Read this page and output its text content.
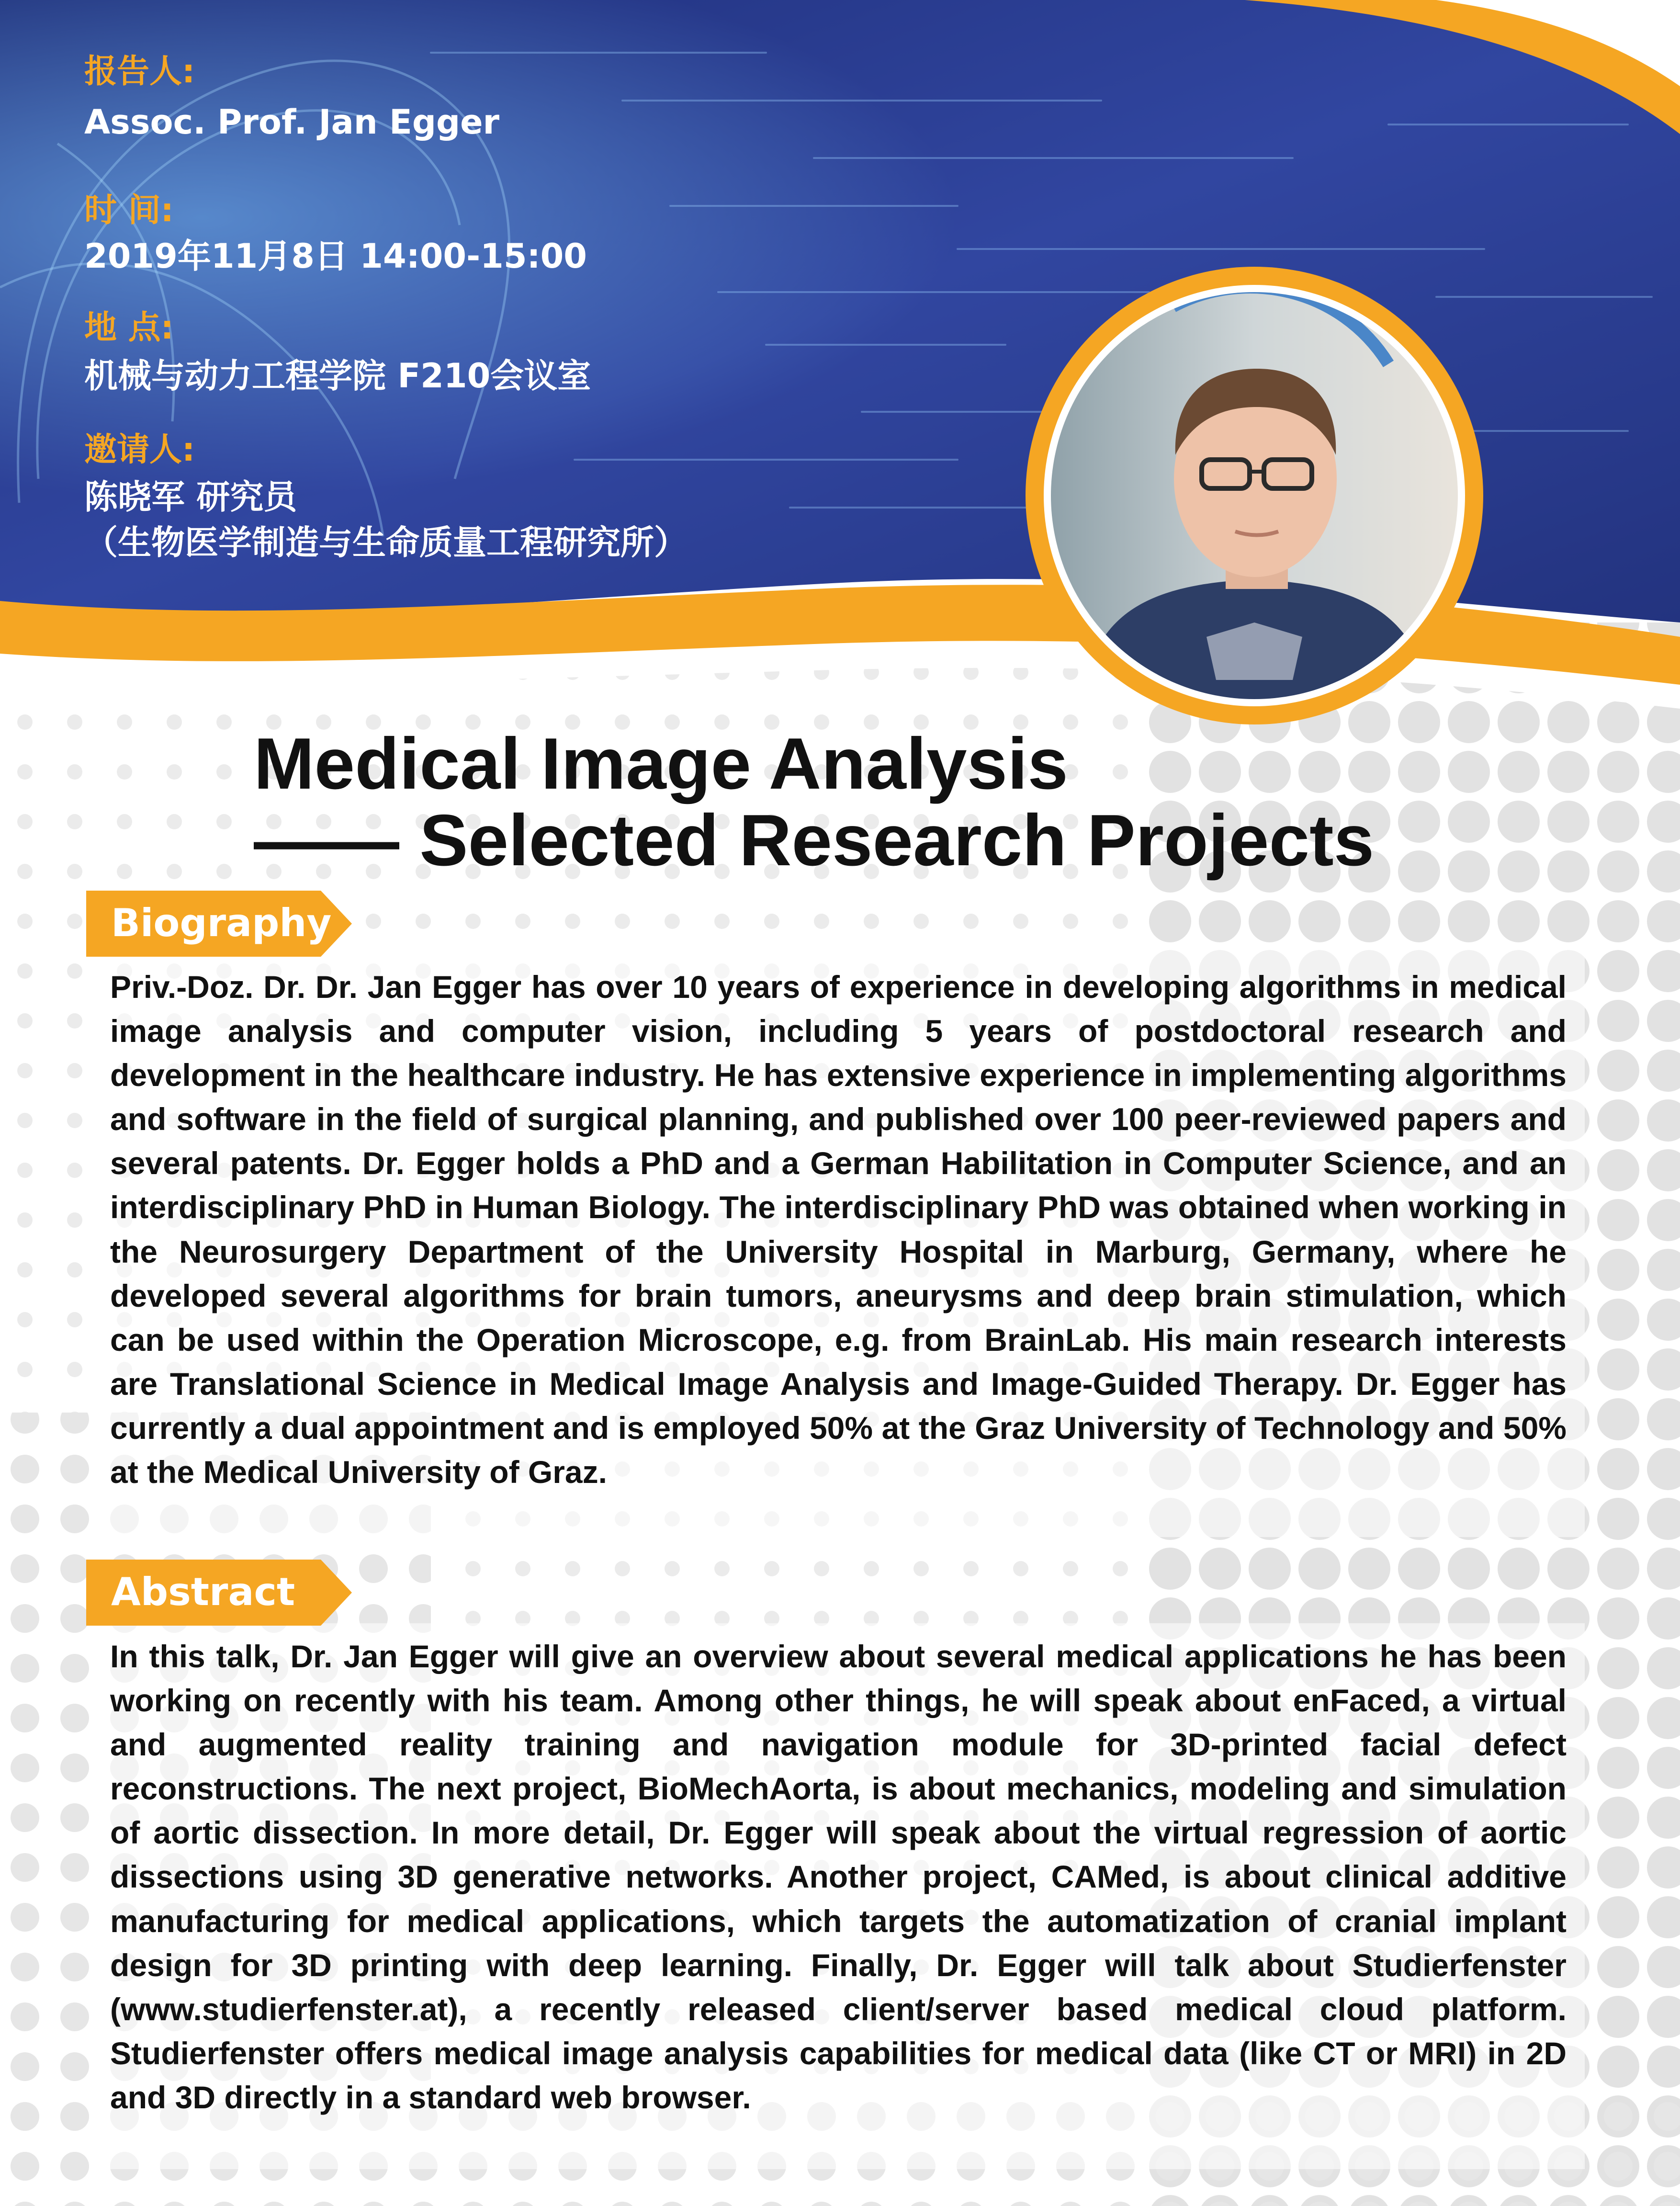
报告人:
Assoc. Prof. Jan Egger
时 间:
2019年11月8日 14:00-15:00
地 点:
机械与动力工程学院 F210会议室
邀请人:
陈晓军 研究员
（生物医学制造与生命质量工程研究所）
Medical Image Analysis
—— Selected Research Projects
Biography

Priv.-Doz. Dr. Dr. Jan Egger has over 10 years of experience in developing algorithms in medical image analysis and computer vision, including 5 years of postdoctoral research and development in the healthcare industry. He has extensive experience in implementing algorithms and software in the field of surgical planning, and published over 100 peer-reviewed papers and several patents. Dr. Egger holds a PhD and a German Habilitation in Computer Science, and an interdisciplinary PhD in Human Biology. The interdisciplinary PhD was obtained when working in the Neurosurgery Department of the University Hospital in Marburg, Germany, where he developed several algorithms for brain tumors, aneurysms and deep brain stimulation, which can be used within the Operation Microscope, e.g. from BrainLab. His main research interests are Translational Science in Medical Image Analysis and Image-Guided Therapy. Dr. Egger has currently a dual appointment and is employed 50% at the Graz University of Technology and 50% at the Medical University of Graz.

Abstract

In this talk, Dr. Jan Egger will give an overview about several medical applications he has been working on recently with his team. Among other things, he will speak about enFaced, a virtual and augmented reality training and navigation module for 3D-printed facial defect reconstructions. The next project, BioMechAorta, is about mechanics, modeling and simulation of aortic dissection. In more detail, Dr. Egger will speak about the virtual regression of aortic dissections using 3D generative networks. Another project, CAMed, is about clinical additive manufacturing for medical applications, which targets the automatization of cranial implant design for 3D printing with deep learning. Finally, Dr. Egger will talk about Studierfenster (www.studierfenster.at), a recently released client/server based medical cloud platform. Studierfenster offers medical image analysis capabilities for medical data (like CT or MRI) in 2D and 3D directly in a standard web browser.
